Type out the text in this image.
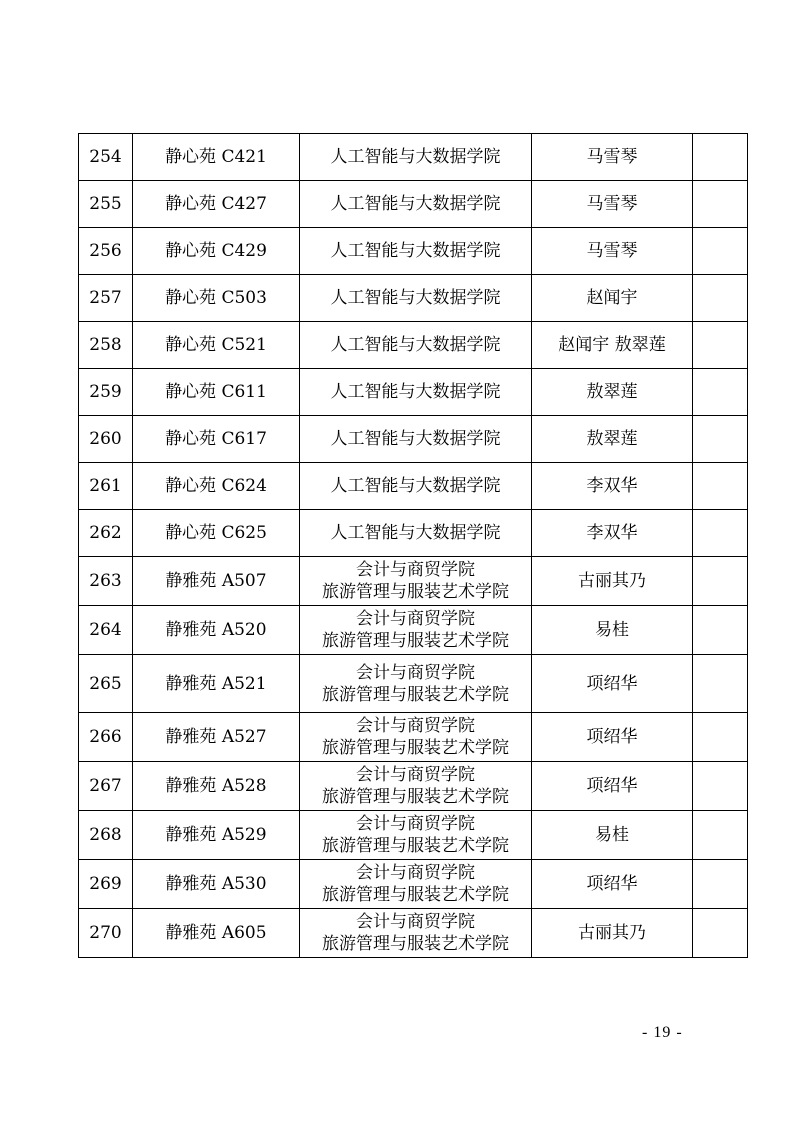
254	静心苑 C421	人工智能与大数据学院	马雪琴	
255	静心苑 C427	人工智能与大数据学院	马雪琴	
256	静心苑 C429	人工智能与大数据学院	马雪琴	
257	静心苑 C503	人工智能与大数据学院	赵闻宇	
258	静心苑 C521	人工智能与大数据学院	赵闻宇 敖翠莲	
259	静心苑 C611	人工智能与大数据学院	敖翠莲	
260	静心苑 C617	人工智能与大数据学院	敖翠莲	
261	静心苑 C624	人工智能与大数据学院	李双华	
262	静心苑 C625	人工智能与大数据学院	李双华	
263	静雅苑 A507	会计与商贸学院
旅游管理与服装艺术学院	古丽其乃	
264	静雅苑 A520	会计与商贸学院
旅游管理与服装艺术学院	易桂	
265	静雅苑 A521	会计与商贸学院
旅游管理与服装艺术学院	项绍华	
266	静雅苑 A527	会计与商贸学院
旅游管理与服装艺术学院	项绍华	
267	静雅苑 A528	会计与商贸学院
旅游管理与服装艺术学院	项绍华	
268	静雅苑 A529	会计与商贸学院
旅游管理与服装艺术学院	易桂	
269	静雅苑 A530	会计与商贸学院
旅游管理与服装艺术学院	项绍华	
270	静雅苑 A605	会计与商贸学院
旅游管理与服装艺术学院	古丽其乃	
- 19 -
